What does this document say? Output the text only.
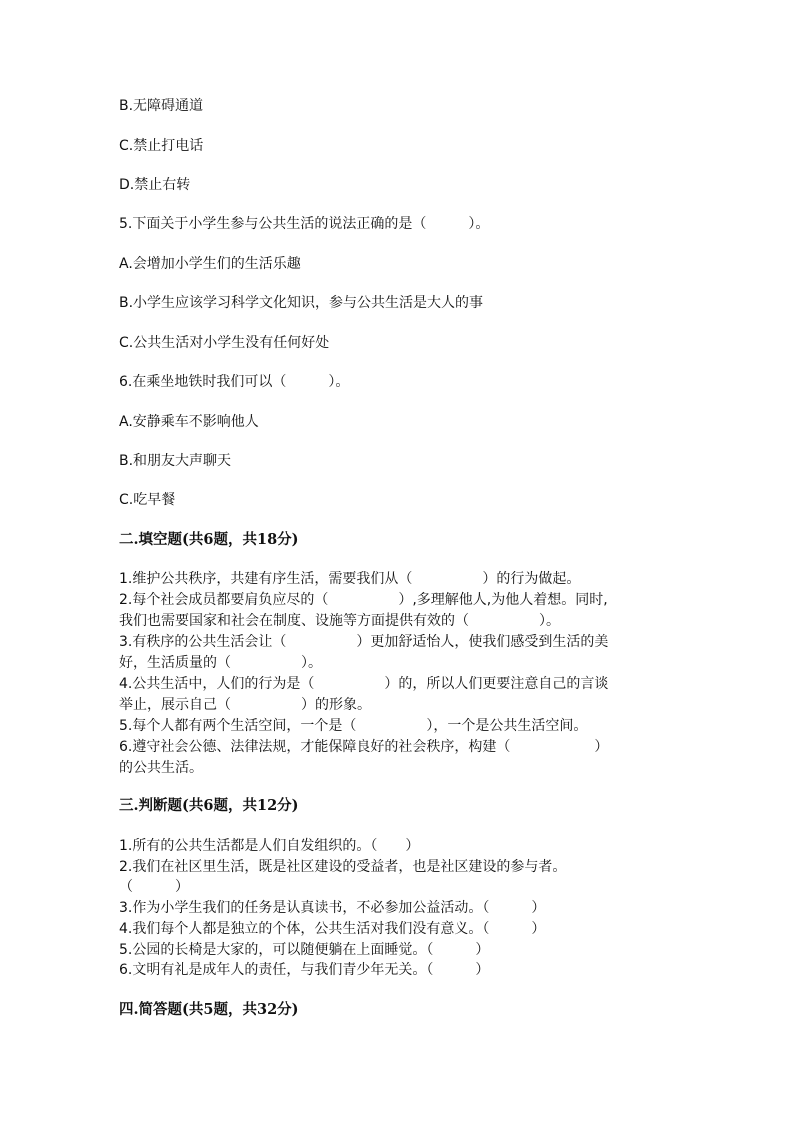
B.无障碍通道
C.禁止打电话
D.禁止右转
5.下面关于小学生参与公共生活的说法正确的是（　　　）。
A.会增加小学生们的生活乐趣
B.小学生应该学习科学文化知识，参与公共生活是大人的事
C.公共生活对小学生没有任何好处
6.在乘坐地铁时我们可以（　　　）。
A.安静乘车不影响他人
B.和朋友大声聊天
C.吃早餐
二.填空题(共6题，共18分)
1.维护公共秩序，共建有序生活，需要我们从（　　　　　）的行为做起。
2.每个社会成员都要肩负应尽的（　　　　　）,多理解他人,为他人着想。同时,
我们也需要国家和社会在制度、设施等方面提供有效的（　　　　　）。
3.有秩序的公共生活会让（　　　　　）更加舒适怡人，使我们感受到生活的美
好，生活质量的（　　　　　）。
4.公共生活中，人们的行为是（　　　　　）的，所以人们更要注意自己的言谈
举止，展示自己（　　　　　）的形象。
5.每个人都有两个生活空间，一个是（　　　　　），一个是公共生活空间。
6.遵守社会公德、法律法规，才能保障良好的社会秩序，构建（　　　　　　）
的公共生活。
三.判断题(共6题，共12分)
1.所有的公共生活都是人们自发组织的。（　　）
2.我们在社区里生活，既是社区建设的受益者，也是社区建设的参与者。
（　　　）
3.作为小学生我们的任务是认真读书，不必参加公益活动。（　　　）
4.我们每个人都是独立的个体，公共生活对我们没有意义。（　　　）
5.公园的长椅是大家的，可以随便躺在上面睡觉。（　　　）
6.文明有礼是成年人的责任，与我们青少年无关。（　　　）
四.简答题(共5题，共32分)
